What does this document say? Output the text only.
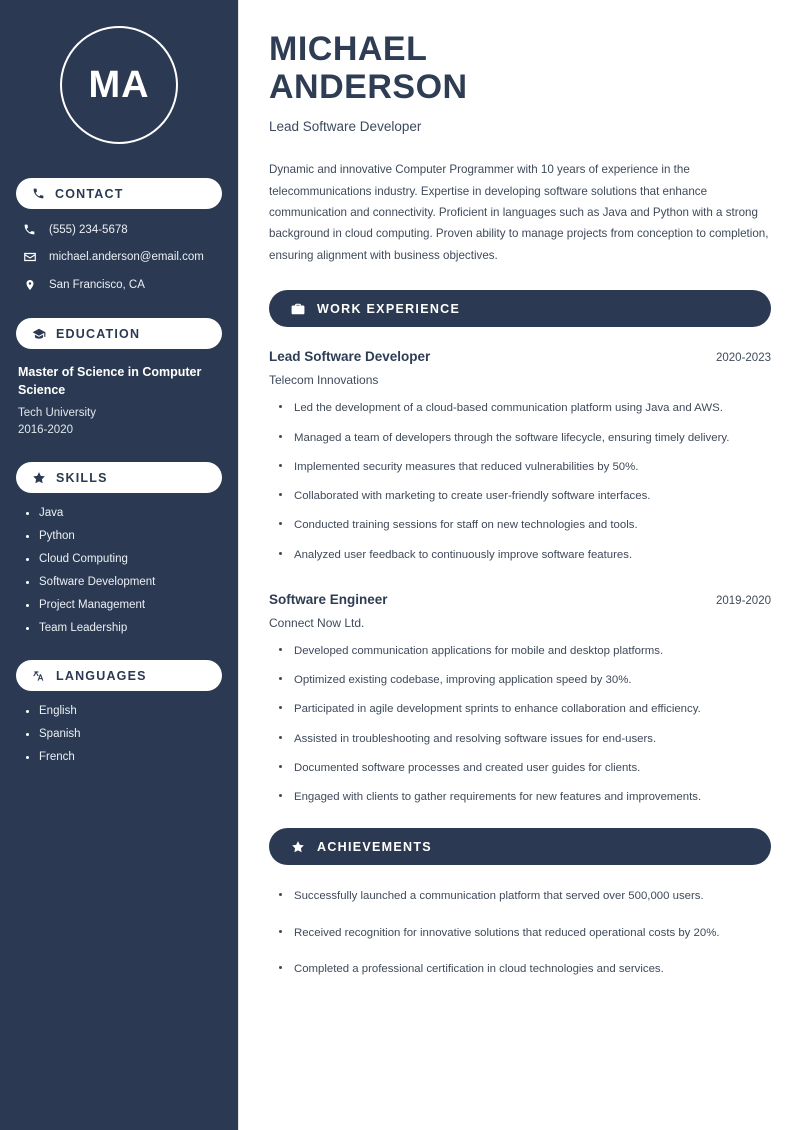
MA
CONTACT
(555) 234-5678
michael.anderson@email.com
San Francisco, CA
EDUCATION
Master of Science in Computer Science
Tech University
2016-2020
SKILLS
Java
Python
Cloud Computing
Software Development
Project Management
Team Leadership
LANGUAGES
English
Spanish
French
MICHAEL
ANDERSON
Lead Software Developer

Dynamic and innovative Computer Programmer with 10 years of experience in the telecommunications industry. Expertise in developing software solutions that enhance communication and connectivity. Proficient in languages such as Java and Python with a strong background in cloud computing. Proven ability to manage projects from conception to completion, ensuring alignment with business objectives.

WORK EXPERIENCE
Lead Software Developer	2020-2023
Telecom Innovations
Led the development of a cloud-based communication platform using Java and AWS.
Managed a team of developers through the software lifecycle, ensuring timely delivery.
Implemented security measures that reduced vulnerabilities by 50%.
Collaborated with marketing to create user-friendly software interfaces.
Conducted training sessions for staff on new technologies and tools.
Analyzed user feedback to continuously improve software features.
Software Engineer	2019-2020
Connect Now Ltd.
Developed communication applications for mobile and desktop platforms.
Optimized existing codebase, improving application speed by 30%.
Participated in agile development sprints to enhance collaboration and efficiency.
Assisted in troubleshooting and resolving software issues for end-users.
Documented software processes and created user guides for clients.
Engaged with clients to gather requirements for new features and improvements.
ACHIEVEMENTS
Successfully launched a communication platform that served over 500,000 users.
Received recognition for innovative solutions that reduced operational costs by 20%.
Completed a professional certification in cloud technologies and services.
